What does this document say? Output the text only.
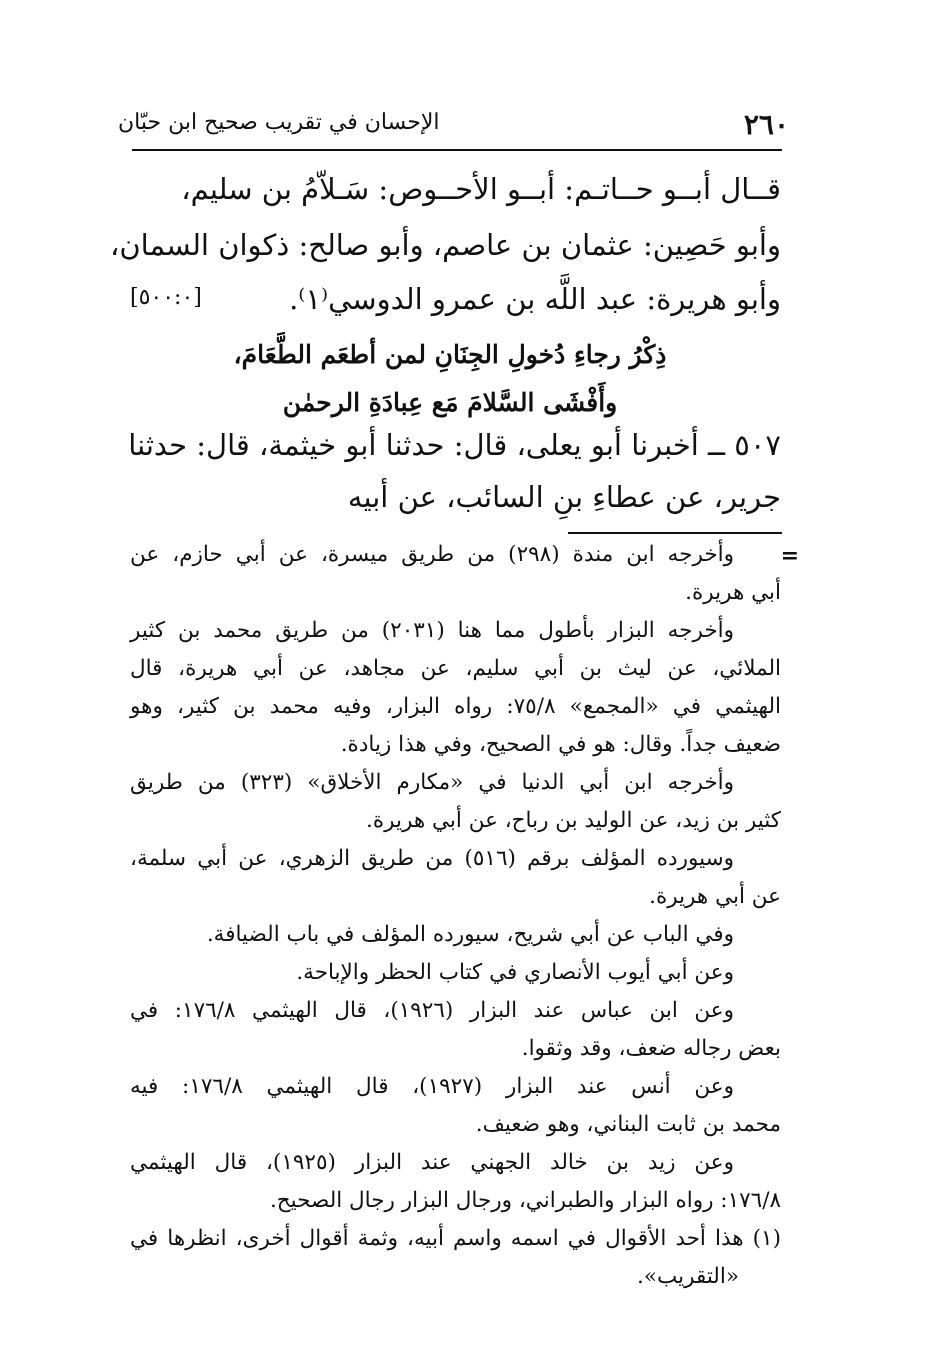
٢٦٠
الإحسان في تقريب صحيح ابن حبّان
قــال أبــو حــاتـم: أبــو الأحــوص: سَـلاّمُ بن سليم،
وأبو حَصِين: عثمان بن عاصم، وأبو صالح: ذكوان السمان،
وأبو هريرة: عبد اللَّه بن عمرو الدوسي⁽١⁾.
[٥٠٠:٠]
ذِكْرُ رجاءِ دُخولِ الجِنَانِ لمن أطعَم الطَّعَامَ،
وأَفْشَى السَّلامَ مَع عِبادَةِ الرحمٰن
٥٠٧ ــ أخبرنا أبو يعلى، قال: حدثنا أبو خيثمة، قال: حدثنا
جرير، عن عطاءِ بنِ السائب، عن أبيه
=
وأخرجه ابن مندة (٢٩٨) من طريق ميسرة، عن أبي حازم، عن
أبي هريرة.
وأخرجه البزار بأطول مما هنا (٢٠٣١) من طريق محمد بن كثير
الملائي، عن ليث بن أبي سليم، عن مجاهد، عن أبي هريرة، قال
الهيثمي في «المجمع» ٧٥/٨: رواه البزار، وفيه محمد بن كثير، وهو
ضعيف جداً. وقال: هو في الصحيح، وفي هذا زيادة.
وأخرجه ابن أبي الدنيا في «مكارم الأخلاق» (٣٢٣) من طريق
كثير بن زيد، عن الوليد بن رباح، عن أبي هريرة.
وسيورده المؤلف برقم (٥١٦) من طريق الزهري، عن أبي سلمة،
عن أبي هريرة.
وفي الباب عن أبي شريح، سيورده المؤلف في باب الضيافة.
وعن أبي أيوب الأنصاري في كتاب الحظر والإباحة.
وعن ابن عباس عند البزار (١٩٢٦)، قال الهيثمي ١٧٦/٨: في
بعض رجاله ضعف، وقد وثقوا.
وعن أنس عند البزار (١٩٢٧)، قال الهيثمي ١٧٦/٨: فيه
محمد بن ثابت البناني، وهو ضعيف.
وعن زيد بن خالد الجهني عند البزار (١٩٢٥)، قال الهيثمي
١٧٦/٨: رواه البزار والطبراني، ورجال البزار رجال الصحيح.
(١) هذا أحد الأقوال في اسمه واسم أبيه، وثمة أقوال أخرى، انظرها في
«التقريب».
